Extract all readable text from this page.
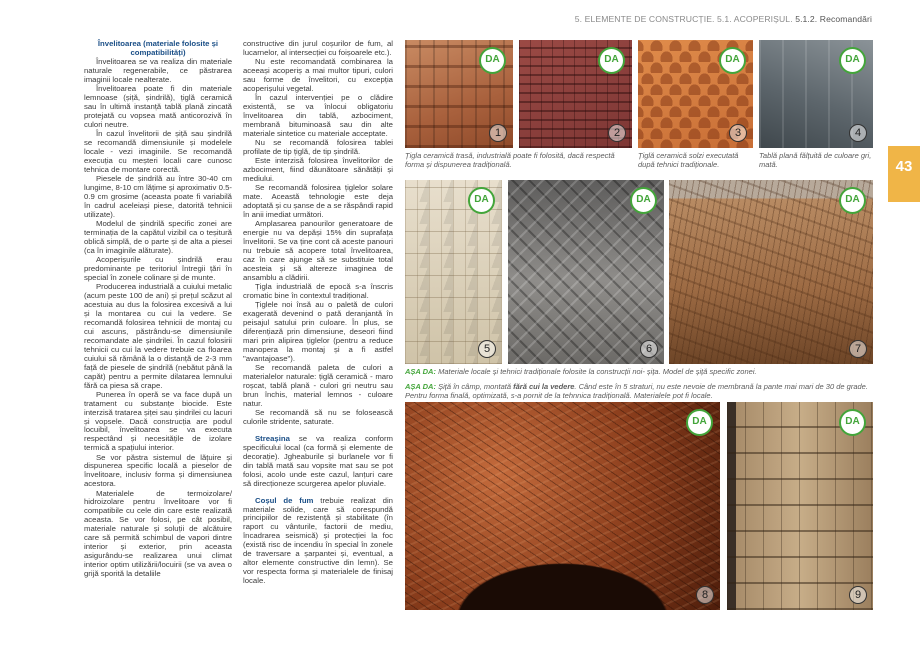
5. ELEMENTE DE CONSTRUCȚIE. 5.1. ACOPERIȘUL. 5.1.2. Recomandări
43

Învelitoarea (materiale folosite și compatibilități)

Învelitoarea se va realiza din materiale naturale regenerabile, ce păstrarea imaginii locale nealterate.

Învelitoarea poate fi din materiale lemnoase (șiță, șindrilă), țiglă ceramică sau în ultimă instanță tablă plană zincată protejată cu vopsea mată anticorozivă în culori neutre.

În cazul învelitorii de șiță sau șindrilă se recomandă dimensiunile și modelele locale - vezi imaginile. Se recomandă execuția cu meșteri locali care cunosc tehnica de montare corectă.

Piesele de șindrilă au între 30-40 cm lungime, 8-10 cm lățime și aproximativ 0.5-0.9 cm grosime (aceasta poate fi variabilă în cadrul aceleiași piese, datorită tehnicii utilizate).

Modelul de șindrilă specific zonei are terminația de la capătul vizibil ca o teșitură oblică simplă, de o parte și de alta a piesei (ca în imaginile alăturate).

Acoperișurile cu șindrilă erau predominante pe teritoriul întregii țări în special în zonele colinare și de munte.

Producerea industrială a cuiului metalic (acum peste 100 de ani) și prețul scăzut al acestuia au dus la folosirea excesivă a lui și la montarea cu cui la vedere. Se recomandă folosirea tehnicii de montaj cu cui ascuns, păstrându-se dimensiunile recomandate ale șindrilei. În cazul folosirii tehnicii cu cui la vedere trebuie ca floarea cuiului să rămână la o distanță de 2-3 mm față de piesele de șindrilă (nebătut până la capăt) pentru a permite dilatarea lemnului fără ca piesa să crape.

Punerea în operă se va face după un tratament cu substanțe biocide. Este interzisă tratarea șiței sau șindrilei cu lacuri și vopsele. Dacă construcția are podul locuibil, învelitoarea se va executa respectând și necesitățile de izolare termică a spațiului interior.

Se vor păstra sistemul de lățuire și dispunerea specific locală a pieselor de învelitoare, inclusiv forma și dimensiunea acestora.

Materialele de termoizolare/ hidroizolare pentru învelitoare vor fi compatibile cu cele din care este realizată aceasta. Se vor folosi, pe cât posibil, materiale naturale și soluții de alcătuire care să permită schimbul de vapori dintre interior și exterior, prin aceasta asigurându-se realizarea unui climat interior optim utilizării/locuirii (se va avea o grijă sporită la detaliile

constructive din jurul coșurilor de fum, al lucarnelor, al intersecției cu foișoarele etc.).

Nu este recomandată combinarea la aceeași acoperiș a mai multor tipuri, culori sau forme de învelitori, cu excepția acoperișului vegetal.

În cazul intervenției pe o clădire existentă, se va înlocui obligatoriu învelitoarea din tablă, azbociment, membrană bituminoasă sau din alte materiale sintetice cu materiale acceptate.

Nu se recomandă folosirea tablei profilate de tip țiglă, de tip șindrilă.

Este interzisă folosirea învelitorilor de azbociment, fiind dăunătoare sănătății și mediului.

Se recomandă folosirea țiglelor solare mate. Această tehnologie este deja adoptată și cu șanse de a se răspândi rapid în anii imediat următori.

Amplasarea panourilor generatoare de energie nu va depăși 15% din suprafața învelitorii. Se va ține cont că aceste panouri nu trebuie să acopere total învelitoarea, caz în care ajunge să se substituie total acesteia și să altereze imaginea de ansamblu a clădirii.

Țigla industrială de epocă s-a înscris cromatic bine în contextul tradițional.

Țiglele noi însă au o paletă de culori exagerată devenind o pată deranjantă în peisajul satului prin culoare. În plus, se diferențiază prin dimensiune, deseori fiind mari prin alipirea țiglelor (pentru a reduce manopera la montaj și a fi astfel "avantajoase").

Se recomandă paleta de culori a materialelor naturale: țiglă ceramică - maro roșcat, tablă plană - culori gri neutru sau brun închis, material lemnos - culoare natur.

Se recomandă să nu se folosească culorile stridente, saturate.

Streașina se va realiza conform specificului local (ca formă și elemente de decorație). Jgheaburile și burlanele vor fi din tablă mată sau vopsite mat sau se pot folosi, acolo unde este cazul, lanțuri care să direcționeze scurgerea apelor pluviale.

Coșul de fum trebuie realizat din materiale solide, care să corespundă principiilor de rezistență și stabilitate (în raport cu vânturile, factorii de mediu, încadrarea seismică) și protecției la foc (există risc de incendiu în special în zonele de traversare a șarpantei și, eventual, a altor elemente constructive din lemn). Se vor respecta forma și materialele de finisaj locale.

DA
1
DA
2
DA
3
DA
4
DA
5
DA
6
DA
7
DA
8
DA
9
Țigla ceramică trasă, industrială poate fi folosită, dacă respectă forma și dispunerea tradițională.
Țiglă ceramică solzi executată după tehnici tradiționale.
Tablă plană fălțuită de culoare gri, mată.
AȘA DA: Materiale locale și tehnici tradiționale folosite la construcții noi- șița. Model de șiță specific zonei.
AȘA DA: Șiță în câmp, montată fără cui la vedere. Când este în 5 straturi, nu este nevoie de membrană la pante mai mari de 30 de grade. Pentru forma finală, optimizată, s-a pornit de la tehnnica tradițională. Materialele pot fi locale.
